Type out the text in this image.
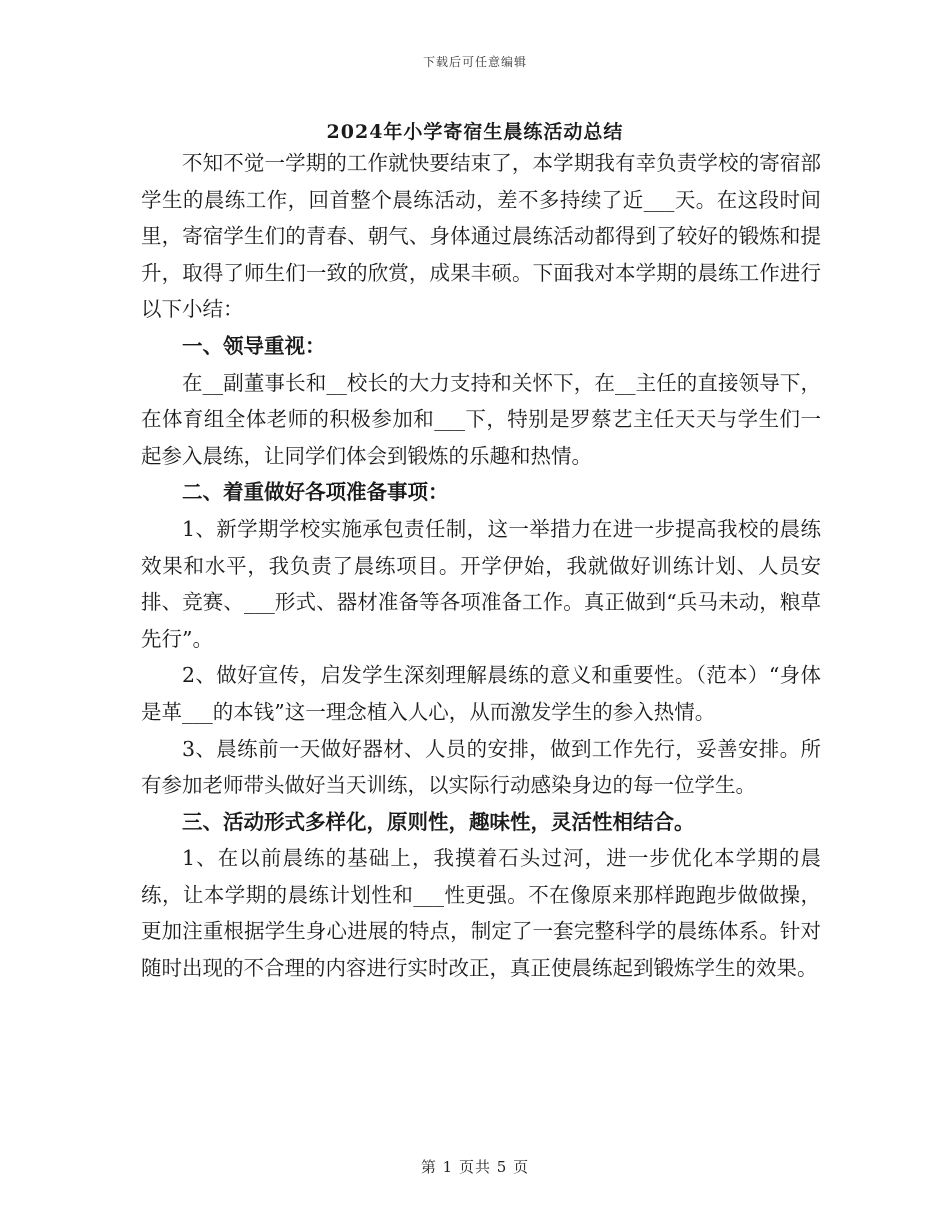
下载后可任意编辑
2024年小学寄宿生晨练活动总结

不知不觉一学期的工作就快要结束了，本学期我有幸负责学校的寄宿部学生的晨练工作，回首整个晨练活动，差不多持续了近___天。在这段时间里，寄宿学生们的青春、朝气、身体通过晨练活动都得到了较好的锻炼和提升，取得了师生们一致的欣赏，成果丰硕。下面我对本学期的晨练工作进行以下小结：

一、领导重视：

在__副董事长和__校长的大力支持和关怀下，在__主任的直接领导下，在体育组全体老师的积极参加和___下，特别是罗蔡艺主任天天与学生们一起参入晨练，让同学们体会到锻炼的乐趣和热情。

二、着重做好各项准备事项：

1、新学期学校实施承包责任制，这一举措力在进一步提高我校的晨练效果和水平，我负责了晨练项目。开学伊始，我就做好训练计划、人员安排、竞赛、___形式、器材准备等各项准备工作。真正做到“兵马未动，粮草先行”。

2、做好宣传，启发学生深刻理解晨练的意义和重要性。（范本）“身体是革___的本钱”这一理念植入人心，从而激发学生的参入热情。

3、晨练前一天做好器材、人员的安排，做到工作先行，妥善安排。所有参加老师带头做好当天训练，以实际行动感染身边的每一位学生。

三、活动形式多样化，原则性，趣味性，灵活性相结合。

1、在以前晨练的基础上，我摸着石头过河，进一步优化本学期的晨练，让本学期的晨练计划性和___性更强。不在像原来那样跑跑步做做操，更加注重根据学生身心进展的特点，制定了一套完整科学的晨练体系。针对随时出现的不合理的内容进行实时改正，真正使晨练起到锻炼学生的效果。

第 1 页共 5 页
